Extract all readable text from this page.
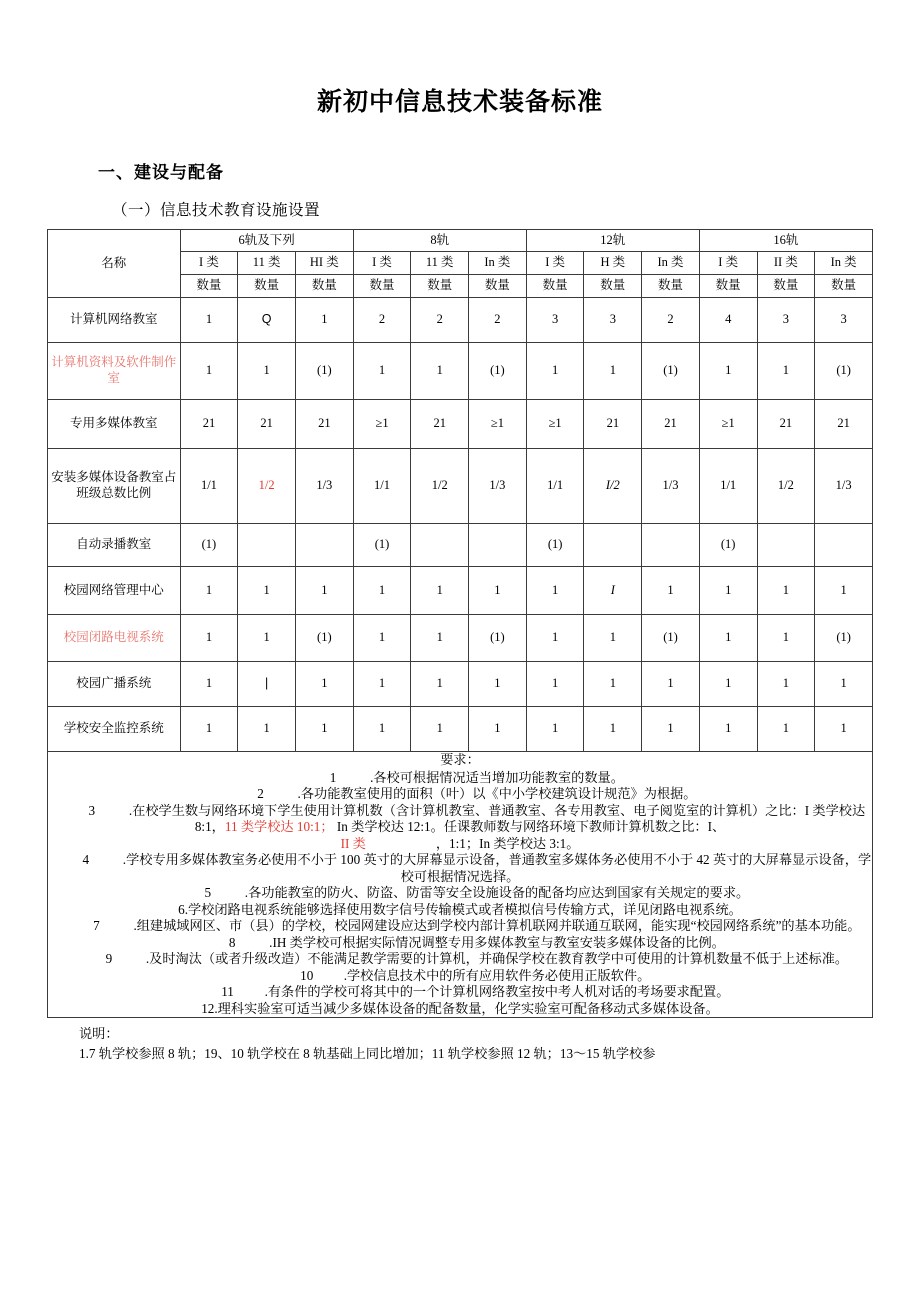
新初中信息技术装备标准
一、建设与配备
（一）信息技术教育设施设置
名称	6轨及下列			8轨			12轨			16轨		
	I 类	11 类	HI 类	I 类	11 类	In 类	I 类	H 类	In 类	I 类	II 类	In 类
	数量	数量	数量	数量	数量	数量	数量	数量	数量	数量	数量	数量
计算机网络教室	1	Q	1	2	2	2	3	3	2	4	3	3
计算机资料及软件制作室	1	1	(1)	1	1	(1)	1	1	(1)	1	1	(1)
专用多媒体教室	21	21	21	≥1	21	≥1	≥1	21	21	≥1	21	21
安装多媒体设备教室占班级总数比例	1/1	1/2	1/3	1/1	1/2	1/3	1/1	I/2	1/3	1/1	1/2	1/3
自动录播教室	(1)			(1)			(1)			(1)		
校园网络管理中心	1	1	1	1	1	1	1	I	1	1	1	1
校园闭路电视系统	1	1	(1)	1	1	(1)	1	1	(1)	1	1	(1)
校园广播系统	1	|	1	1	1	1	1	1	1	1	1	1
学校安全监控系统	1	1	1	1	1	1	1	1	1	1	1	1

要求：
1	.各校可根据情况适当增加功能教室的数量。
2	.各功能教室使用的面积（叶）以《中小学校建筑设计规范》为根据。
3	.在校学生数与网络环境下学生使用计算机数（含计算机教室、普通教室、各专用教室、电子阅览室的计算机）之比：I 类学校达 8:1，11 类学校达 10:1； In 类学校达 12:1。任课教师数与网络环境下教师计算机数之比：I、
II 类	，1:1；In 类学校达 3:1。
4	.学校专用多媒体教室务必使用不小于 100 英寸的大屏幕显示设备，普通教室多媒体务必使用不小于 42 英寸的大屏幕显示设备，学校可根据情况选择。
5	.各功能教室的防火、防盗、防雷等安全设施设备的配备均应达到国家有关规定的要求。
6.学校闭路电视系统能够选择使用数字信号传输模式或者模拟信号传输方式，详见闭路电视系统。
7	.组建城域网区、市（县）的学校，校园网建设应达到学校内部计算机联网并联通互联网，能实现“校园网络系统”的基本功能。
8	.IH 类学校可根据实际情况调整专用多媒体教室与教室安装多媒体设备的比例。
9	.及时淘汰（或者升级改造）不能满足教学需要的计算机，并确保学校在教育教学中可使用的计算机数量不低于上述标准。
10 .学校信息技术中的所有应用软件务必使用正版软件。
11 .有条件的学校可将其中的一个计算机网络教室按中考人机对话的考场要求配置。
12.理科实验室可适当减少多媒体设备的配备数量，化学实验室可配备移动式多媒体设备。
说明：
1.7 轨学校参照 8 轨；19、10 轨学校在 8 轨基础上同比增加；11 轨学校参照 12 轨；13～15 轨学校参
